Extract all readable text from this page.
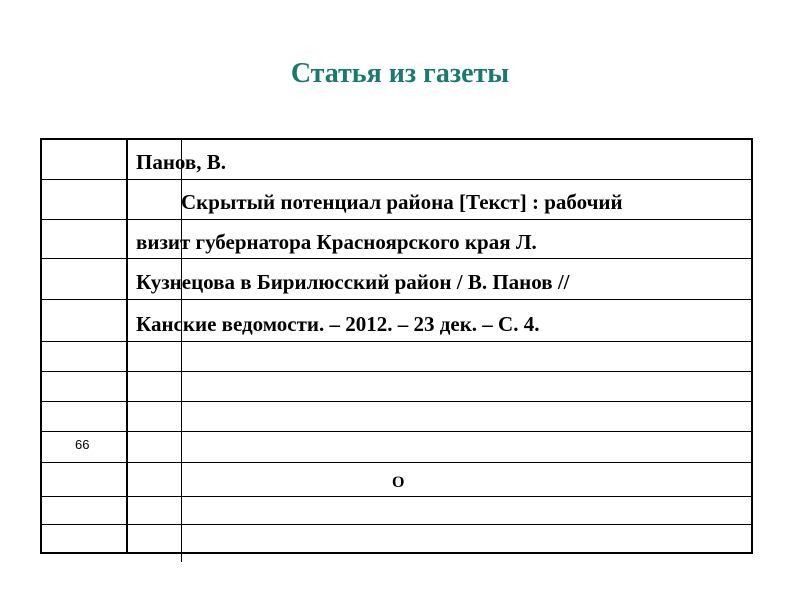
Статья из газеты
Панов, В.
Скрытый потенциал района [Текст] : рабочий
визит губернатора Красноярского края Л.
Кузнецова в Бирилюсский район / В. Панов //
Канские ведомости. – 2012. – 23 дек. – С. 4.
66
О
